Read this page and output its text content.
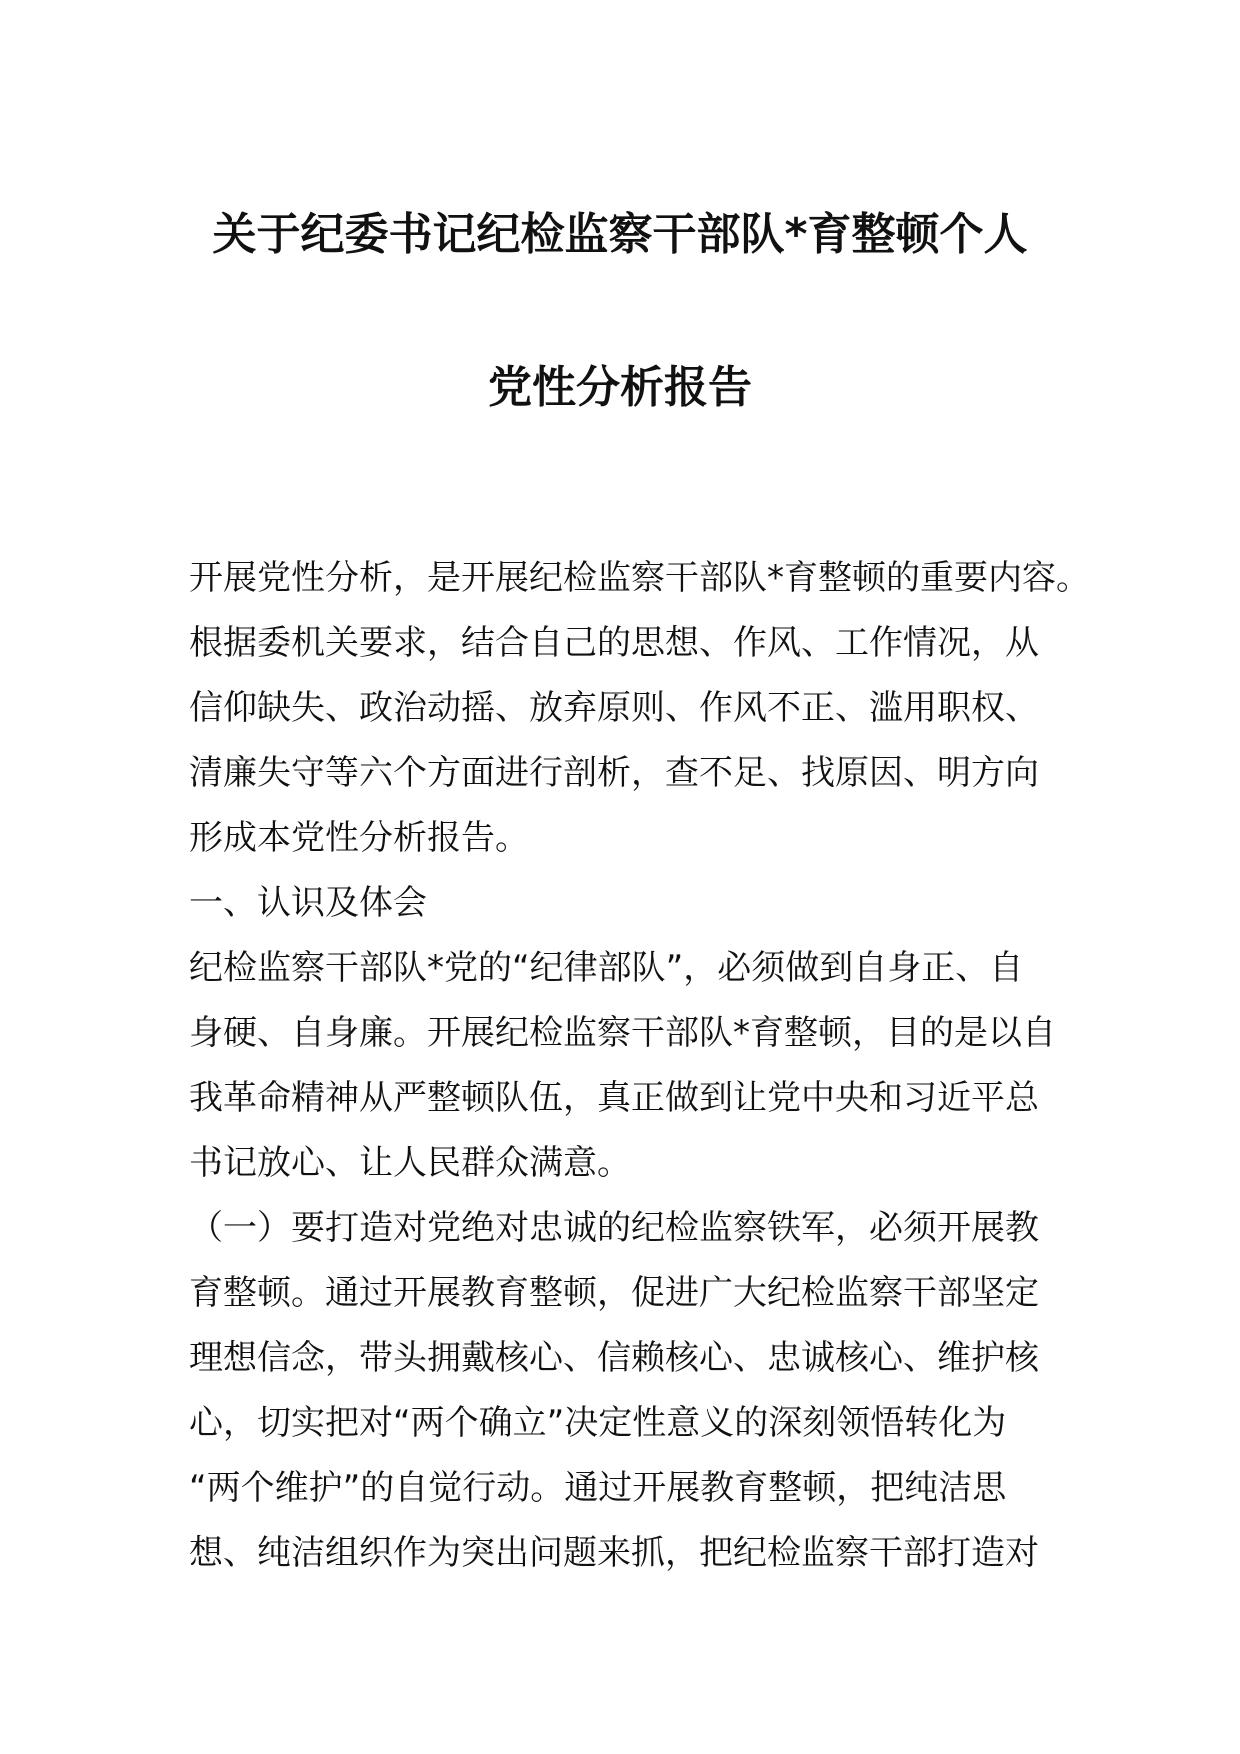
关于纪委书记纪检监察干部队*育整顿个人
党性分析报告
开展党性分析，是开展纪检监察干部队*育整顿的重要内容。
根据委机关要求，结合自己的思想、作风、工作情况，从
信仰缺失、政治动摇、放弃原则、作风不正、滥用职权、
清廉失守等六个方面进行剖析，查不足、找原因、明方向
形成本党性分析报告。
一、认识及体会
纪检监察干部队*党的“纪律部队”，必须做到自身正、自
身硬、自身廉。开展纪检监察干部队*育整顿，目的是以自
我革命精神从严整顿队伍，真正做到让党中央和习近平总
书记放心、让人民群众满意。
（一）要打造对党绝对忠诚的纪检监察铁军，必须开展教
育整顿。通过开展教育整顿，促进广大纪检监察干部坚定
理想信念，带头拥戴核心、信赖核心、忠诚核心、维护核
心，切实把对“两个确立”决定性意义的深刻领悟转化为
“两个维护”的自觉行动。通过开展教育整顿，把纯洁思
想、纯洁组织作为突出问题来抓，把纪检监察干部打造对
